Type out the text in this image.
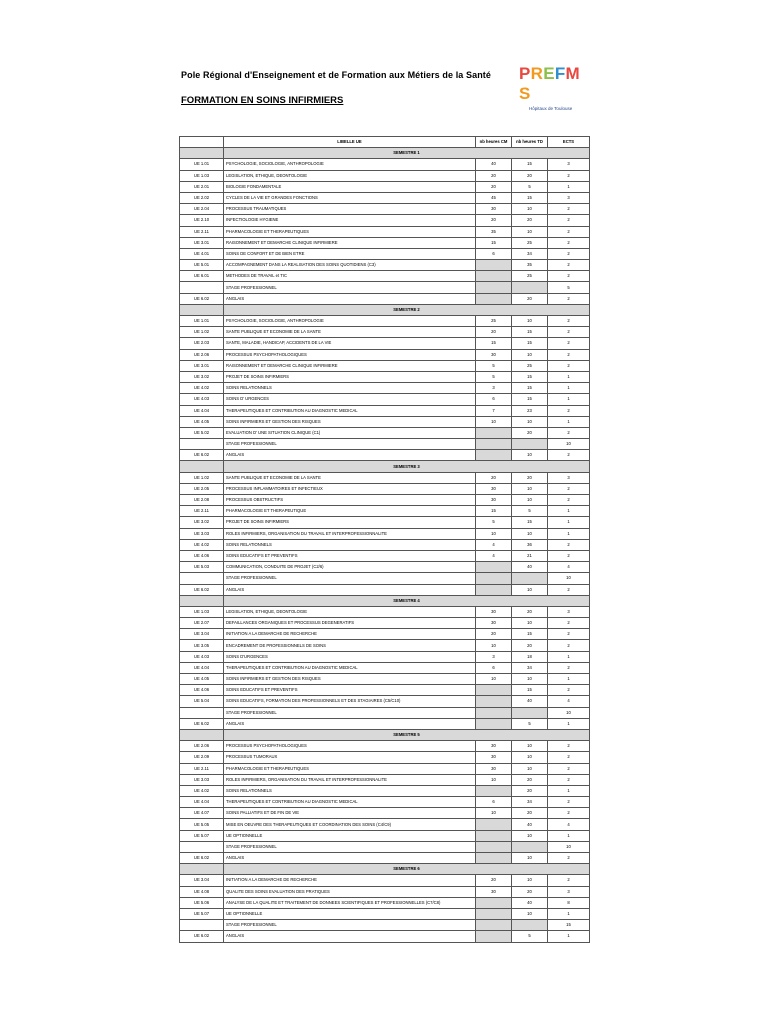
Pole Régional d'Enseignement et de Formation aux Métiers de la Santé
FORMATION EN SOINS INFIRMIERS
PREFMS
Hôpitaux de Toulouse
	LIBELLE UE	nb heures CM	nb heures TD	ECTS
	SEMESTRE 1			
UE 1.01	PSYCHOLOGIE, SOCIOLOGIE, ANTHROPOLOGIE	40	15	3
UE 1.03	LEGISLATION, ETHIQUE, DEONTOLOGIE	20	20	2
UE 2.01	BIOLOGIE FONDAMENTALE	20	5	1
UE 2.02	CYCLES DE LA VIE ET GRANDES FONCTIONS	45	15	3
UE 2.04	PROCESSUS TRAUMATIQUES	30	10	2
UE 2.10	INFECTIOLOGIE HYGIENE	20	20	2
UE 2.11	PHARMACOLOGIE ET THERAPEUTIQUES	35	10	2
UE 3.01	RAISONNEMENT ET DEMARCHE CLINIQUE INFIRMIERE	15	25	2
UE 4.01	SOINS DE CONFORT ET DE BIEN ETRE	6	34	2
UE 5.01	ACCOMPAGNEMENT DANS LA REALISATION DES SOINS QUOTIDIENS (C3)		35	2
UE 6.01	METHODES DE TRAVAIL et TIC		25	2
	STAGE PROFESSIONNEL			5
UE 6.02	ANGLAIS		20	2
	SEMESTRE 2			
UE 1.01	PSYCHOLOGIE, SOCIOLOGIE, ANTHROPOLOGIE	25	10	2
UE 1.02	SANTE PUBLIQUE ET ECONOMIE DE LA SANTE	20	15	2
UE 2.03	SANTE, MALADIE, HANDICAP, ACCIDENTS DE LA VIE	15	15	2
UE 2.06	PROCESSUS PSYCHOPATHOLOGIQUES	30	10	2
UE 3.01	RAISONNEMENT ET DEMARCHE CLINIQUE INFIRMIERE	5	25	2
UE 3.02	PROJET DE SOINS INFIRMIERS	5	15	1
UE 4.02	SOINS RELATIONNELS	3	15	1
UE 4.03	SOINS D' URGENCES	6	15	1
UE 4.04	THERAPEUTIQUES ET CONTRIBUTION AU DIAGNOSTIC MEDICAL	7	23	2
UE 4.05	SOINS INFIRMIERS ET GESTION DES RISQUES	10	10	1
UE 5.02	EVALUATION D' UNE SITUATION CLINIQUE (C1)		20	2
	STAGE PROFESSIONNEL			10
UE 6.02	ANGLAIS		10	2
	SEMESTRE 3			
UE 1.02	SANTE PUBLIQUE ET ECONOMIE DE LA SANTE	20	20	3
UE 2.05	PROCESSUS INFLAMMATOIRES ET INFECTIEUX	30	10	2
UE 2.08	PROCESSUS OBSTRUCTIFS	30	10	2
UE 2.11	PHARMACOLOGIE ET THERAPEUTIQUE	15	5	1
UE 3.02	PROJET DE SOINS INFIRMIERS	5	15	1
UE 3.03	ROLES INFIRMIERS, ORGANISATION DU TRAVAIL ET INTERPROFESSIONNALITE	10	10	1
UE 4.02	SOINS RELATIONNELS	4	36	2
UE 4.06	SOINS EDUCATIFS ET PREVENTIFS	4	21	2
UE 5.03	COMMUNICATION, CONDUITE DE PROJET (C2/6)		40	4
	STAGE PROFESSIONNEL			10
UE 6.02	ANGLAIS		10	2
	SEMESTRE 4			
UE 1.03	LEGISLATION, ETHIQUE, DEONTOLOGIE	30	20	3
UE 2.07	DEFAILLANCES ORGANIQUES ET PROCESSUS DEGENERATIFS	30	10	2
UE 3.04	INITIATION A LA DEMARCHE DE RECHERCHE	20	15	2
UE 3.05	ENCADREMENT DE PROFESSIONNELS DE SOINS	10	20	2
UE 4.03	SOINS D'URGENCES	3	18	1
UE 4.04	THERAPEUTIQUES ET CONTRIBUTION AU DIAGNOSTIC MEDICAL	6	34	2
UE 4.05	SOINS INFIRMIERS ET GESTION DES RISQUES	10	10	1
UE 4.06	SOINS EDUCATIFS ET PREVENTIFS		15	2
UE 5.04	SOINS EDUCATIFS, FORMATION DES PROFESSIONNELS ET DES STAGIAIRES (C5/C10)		40	4
	STAGE PROFESSIONNEL			10
UE 6.02	ANGLAIS		5	1
	SEMESTRE 5			
UE 2.06	PROCESSUS PSYCHOPATHOLOGIQUES	30	10	2
UE 2.09	PROCESSUS TUMORAUX	30	10	2
UE 2.11	PHARMACOLOGIE ET THERAPEUTIQUES	30	10	2
UE 3.03	ROLES INFIRMIERS, ORGANISATION DU TRAVAIL ET INTERPROFESSIONNALITE	10	20	2
UE 4.02	SOINS RELATIONNELS		20	1
UE 4.04	THERAPEUTIQUES ET CONTRIBUTION AU DIAGNOSTIC MEDICAL	6	34	2
UE 4.07	SOINS PALLIATIFS ET DE FIN DE VIE	10	20	2
UE 5.05	MISE EN OEUVRE DES THERAPEUTIQUES ET COORDINATION DES SOINS (C4/C9)		40	4
UE 5.07	UE OPTIONNELLE		10	1
	STAGE PROFESSIONNEL			10
UE 6.02	ANGLAIS		10	2
	SEMESTRE 6			
UE 3.04	INITIATION A LA DEMARCHE DE RECHERCHE	20	10	2
UE 4.08	QUALITE DES SOINS EVALUATION DES PRATIQUES	30	20	3
UE 5.06	ANALYSE DE LA QUALITE ET TRAITEMENT DE DONNEES SCIENTIFIQUES ET PROFESSIONNELLES (C7/C8)		40	8
UE 5.07	UE OPTIONNELLE		10	1
	STAGE PROFESSIONNEL			15
UE 6.02	ANGLAIS		5	1
